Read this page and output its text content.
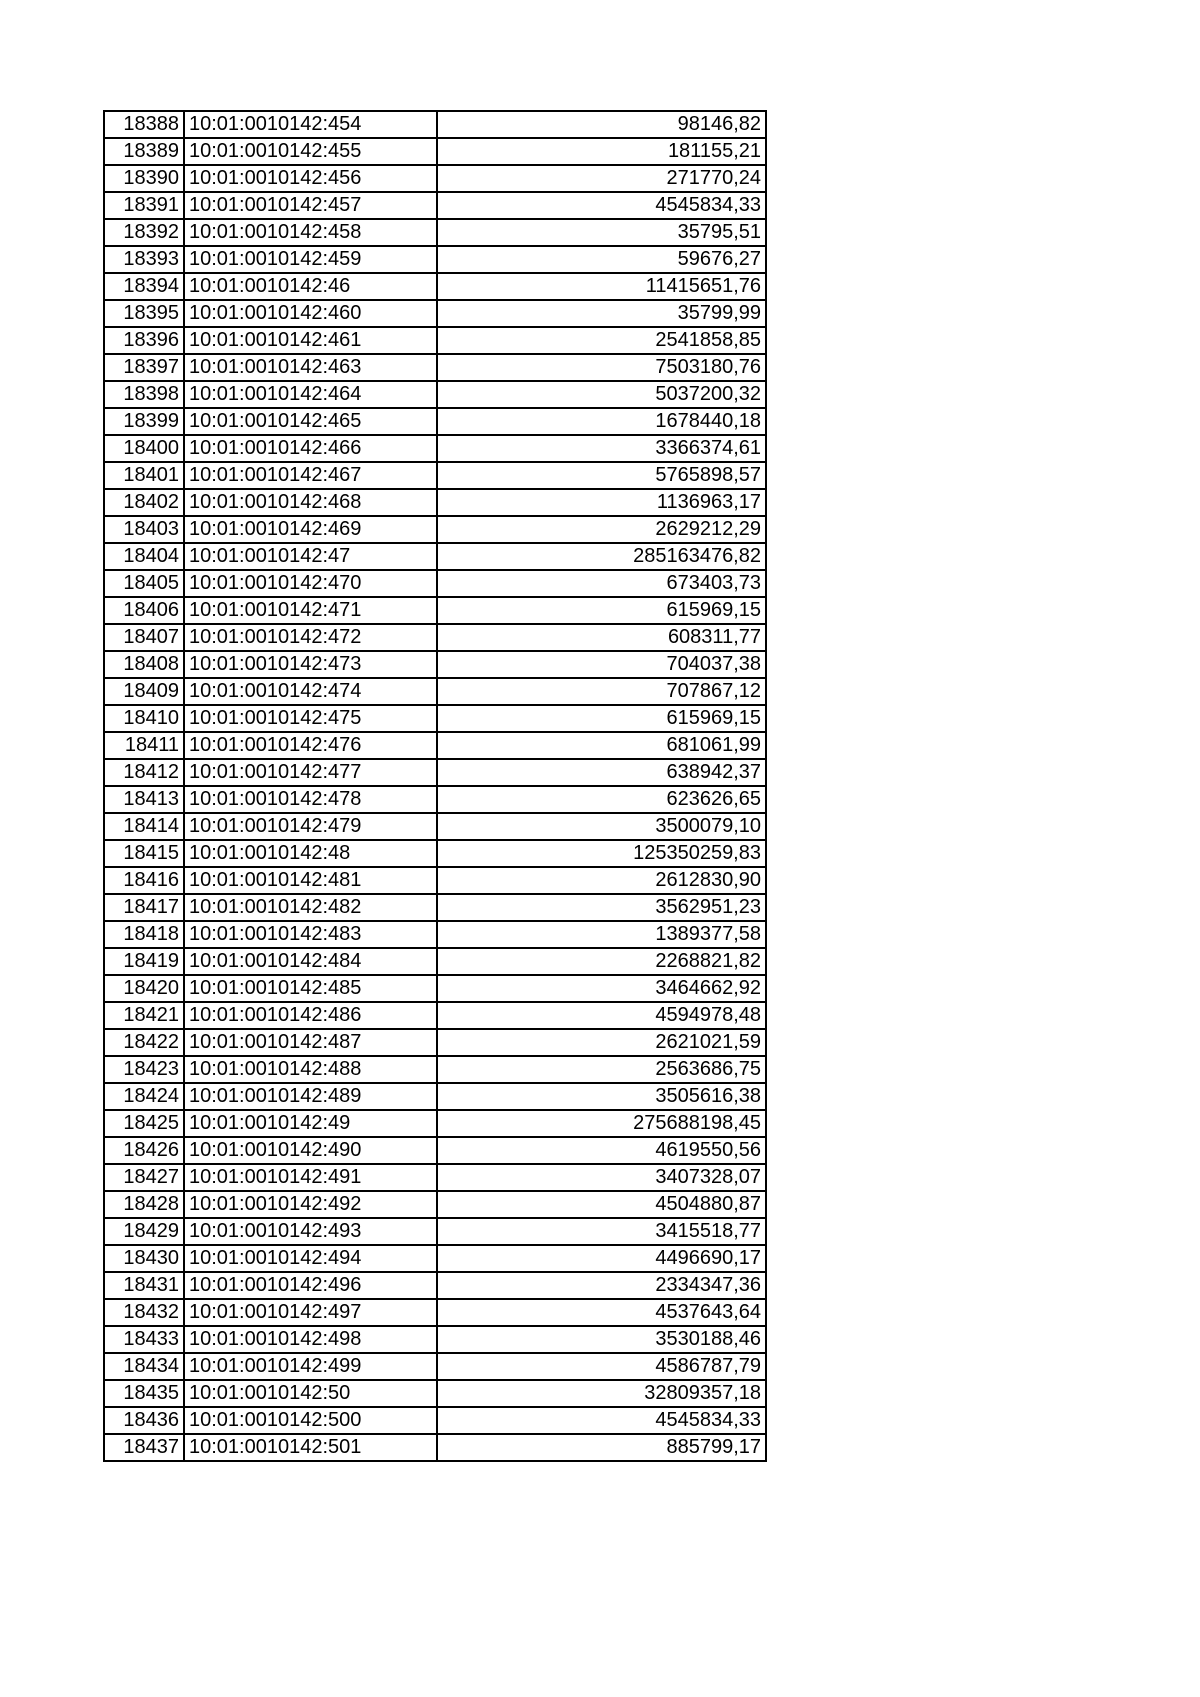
18388	10:01:0010142:454	98146,82
18389	10:01:0010142:455	181155,21
18390	10:01:0010142:456	271770,24
18391	10:01:0010142:457	4545834,33
18392	10:01:0010142:458	35795,51
18393	10:01:0010142:459	59676,27
18394	10:01:0010142:46	11415651,76
18395	10:01:0010142:460	35799,99
18396	10:01:0010142:461	2541858,85
18397	10:01:0010142:463	7503180,76
18398	10:01:0010142:464	5037200,32
18399	10:01:0010142:465	1678440,18
18400	10:01:0010142:466	3366374,61
18401	10:01:0010142:467	5765898,57
18402	10:01:0010142:468	1136963,17
18403	10:01:0010142:469	2629212,29
18404	10:01:0010142:47	285163476,82
18405	10:01:0010142:470	673403,73
18406	10:01:0010142:471	615969,15
18407	10:01:0010142:472	608311,77
18408	10:01:0010142:473	704037,38
18409	10:01:0010142:474	707867,12
18410	10:01:0010142:475	615969,15
18411	10:01:0010142:476	681061,99
18412	10:01:0010142:477	638942,37
18413	10:01:0010142:478	623626,65
18414	10:01:0010142:479	3500079,10
18415	10:01:0010142:48	125350259,83
18416	10:01:0010142:481	2612830,90
18417	10:01:0010142:482	3562951,23
18418	10:01:0010142:483	1389377,58
18419	10:01:0010142:484	2268821,82
18420	10:01:0010142:485	3464662,92
18421	10:01:0010142:486	4594978,48
18422	10:01:0010142:487	2621021,59
18423	10:01:0010142:488	2563686,75
18424	10:01:0010142:489	3505616,38
18425	10:01:0010142:49	275688198,45
18426	10:01:0010142:490	4619550,56
18427	10:01:0010142:491	3407328,07
18428	10:01:0010142:492	4504880,87
18429	10:01:0010142:493	3415518,77
18430	10:01:0010142:494	4496690,17
18431	10:01:0010142:496	2334347,36
18432	10:01:0010142:497	4537643,64
18433	10:01:0010142:498	3530188,46
18434	10:01:0010142:499	4586787,79
18435	10:01:0010142:50	32809357,18
18436	10:01:0010142:500	4545834,33
18437	10:01:0010142:501	885799,17
